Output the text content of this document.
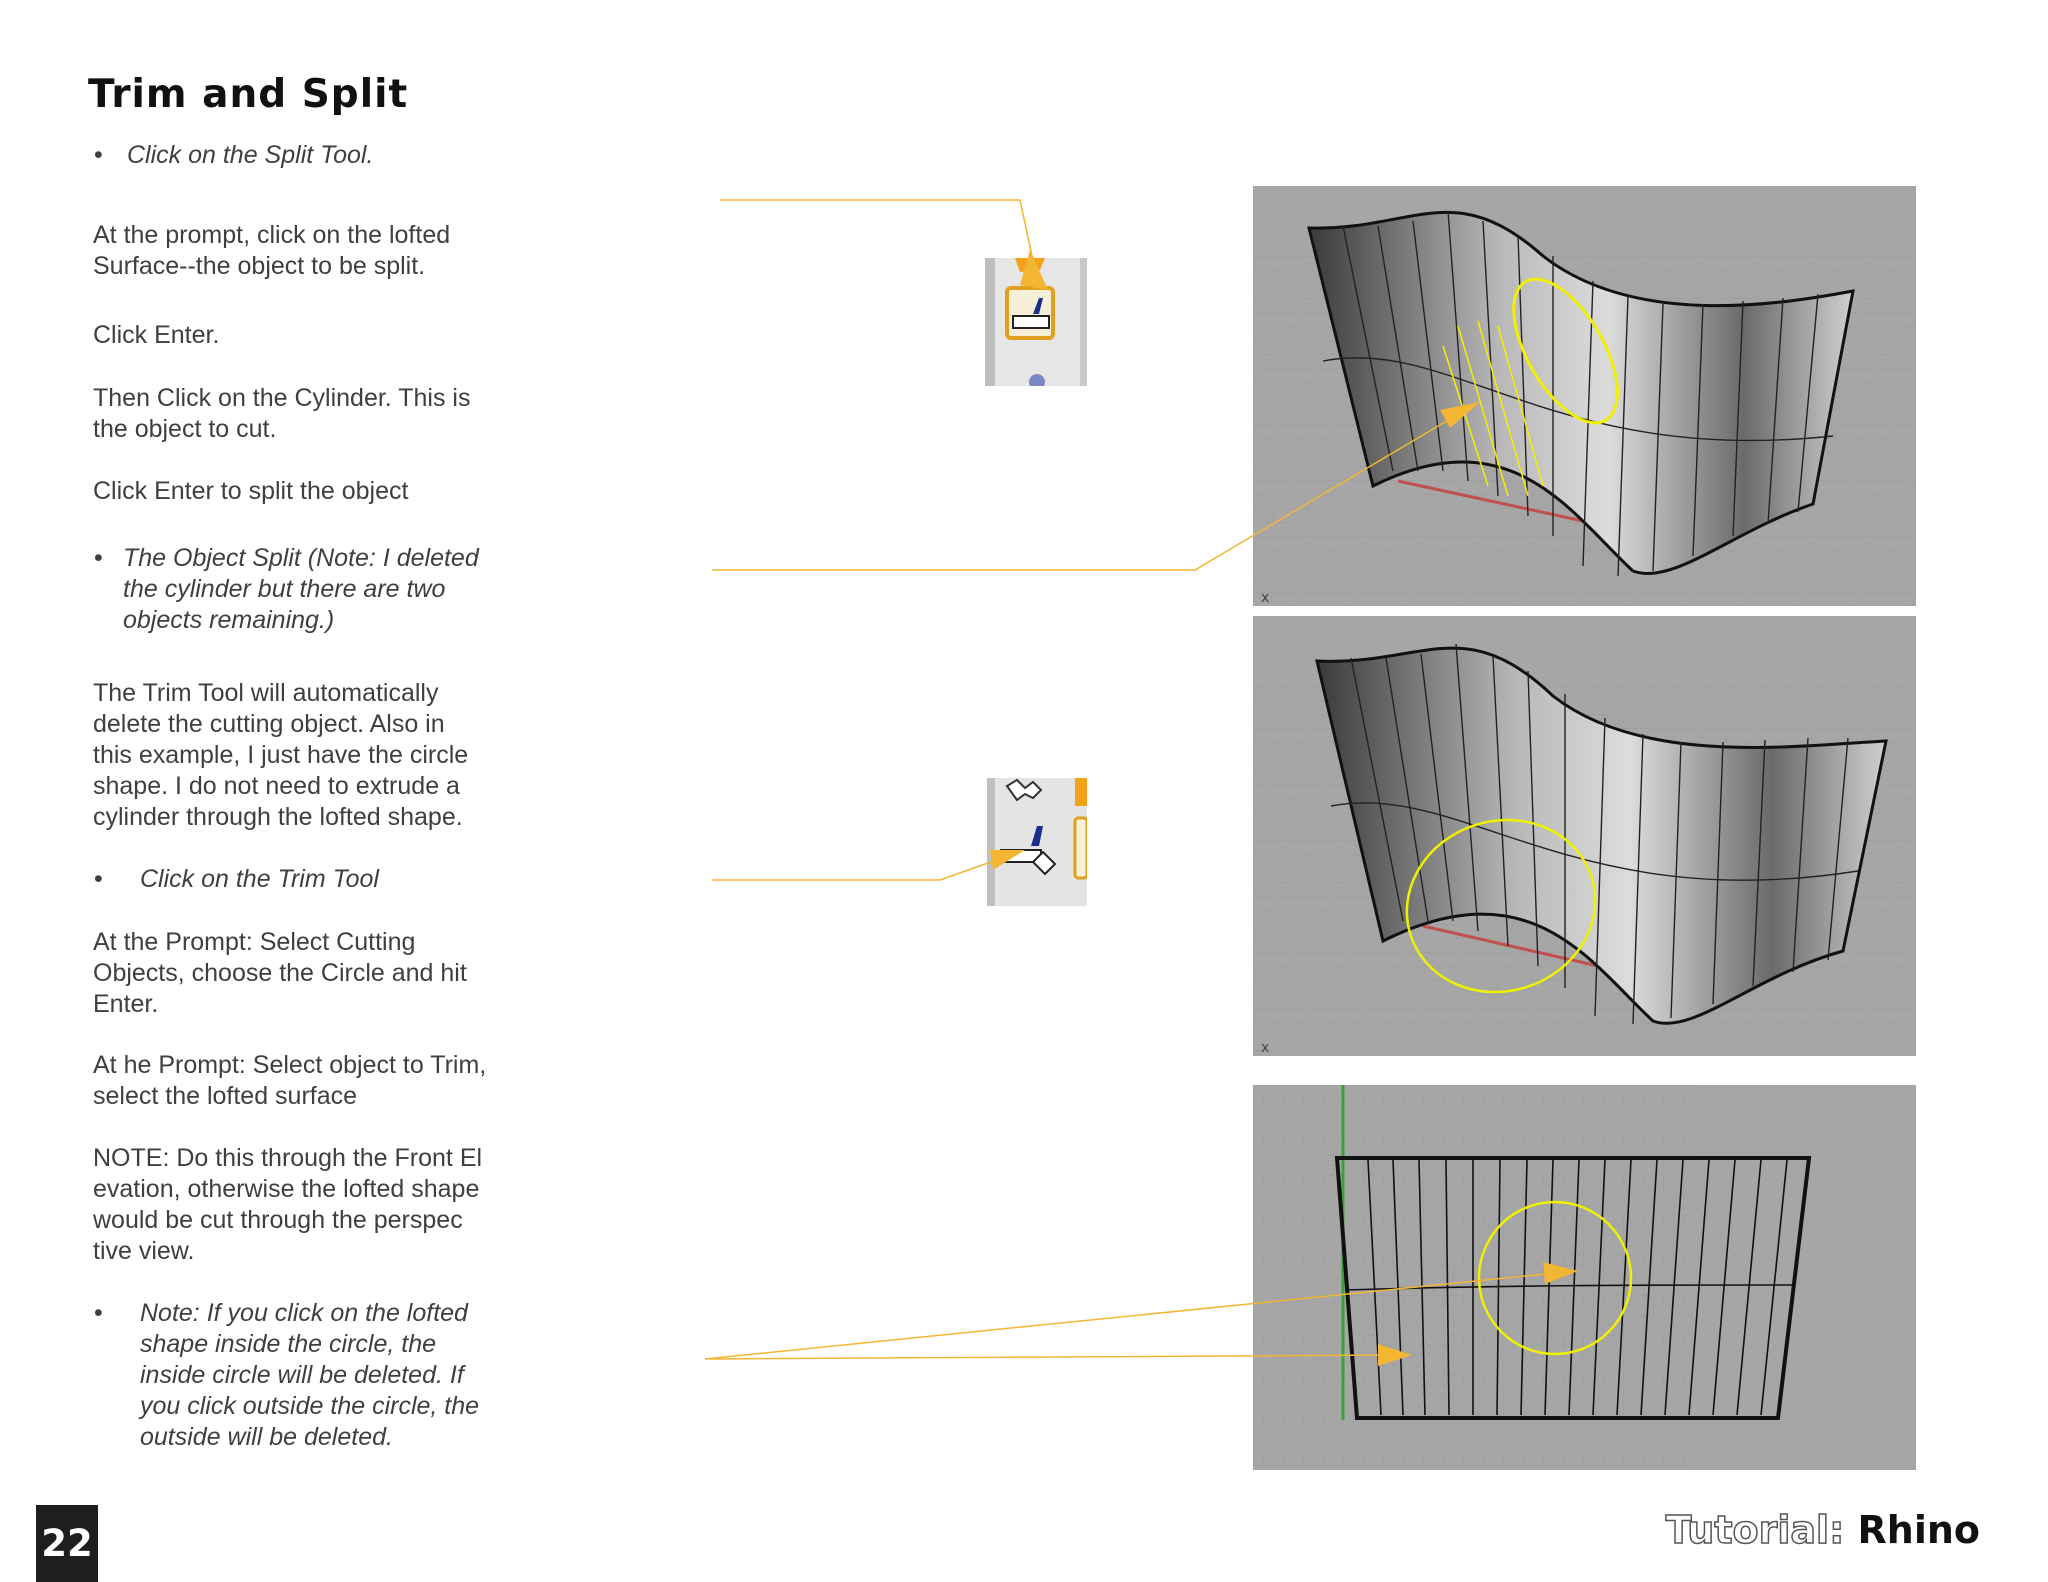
Trim and Split
• Click on the Split Tool.
At the prompt, click on the lofted
Surface--the object to be split.
Click Enter.
Then Click on the Cylinder. This is
the object to cut.
Click Enter to split the object
• The Object Split (Note: I deleted
the cylinder but there are two
objects remaining.)
The Trim Tool will automatically
delete the cutting object. Also in
this example, I just have the circle
shape. I do not need to extrude a
cylinder through the lofted shape.
• Click on the Trim Tool
At the Prompt: Select Cutting
Objects, choose the Circle and hit
Enter.
At he Prompt: Select object to Trim,
select the lofted surface
NOTE: Do this through the Front El
evation, otherwise the lofted shape
would be cut through the perspec
tive view.
• Note: If you click on the lofted
shape inside the circle, the
inside circle will be deleted. If
you click outside the circle, the
outside will be deleted.
x
x
22	Tutorial: Rhino
